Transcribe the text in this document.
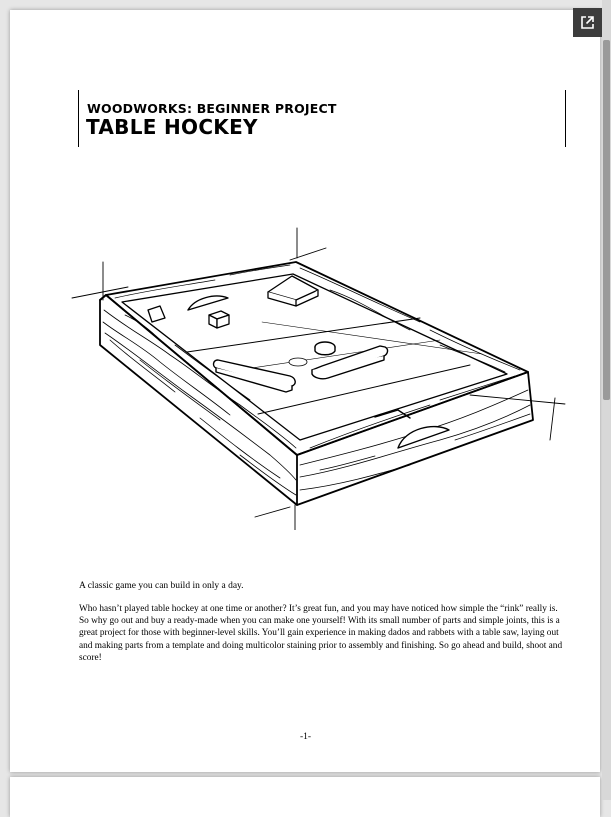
WOODWORKS: BEGINNER PROJECT
TABLE HOCKEY
A classic game you can build in only a day.
Who hasn’t played table hockey at one time or another? It’s great fun, and you may have noticed how simple the “rink” really is. So why go out and buy a ready-made when you can make one yourself! With its small number of parts and simple joints, this is a great project for those with beginner-level skills. You’ll gain experience in making dados and rabbets with a table saw, laying out and making parts from a template and doing multicolor staining prior to assembly and finishing. So go ahead and build, shoot and score!
-1-
